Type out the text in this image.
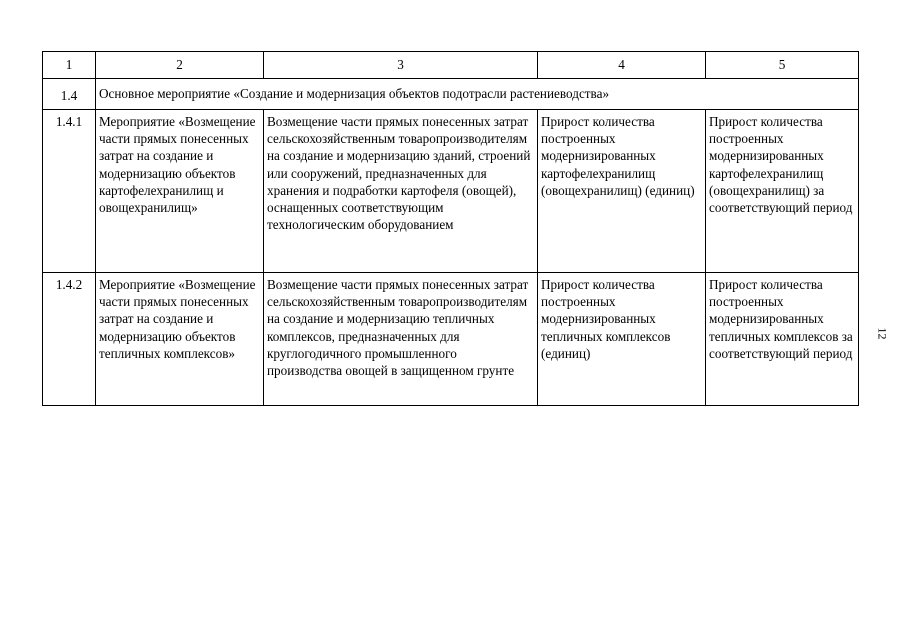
1	2	3	4	5
1.4	Основное мероприятие «Создание и модернизация объектов подотрасли растениеводства»			
1.4.1	Мероприятие «Возмещение части прямых понесенных затрат на создание и модернизацию объектов картофелехранилищ и овощехранилищ»	Возмещение части прямых понесенных затрат сельскохозяйственным товаропроизводителям на создание и модернизацию зданий, строений или сооружений, предназначенных для хранения и подработки картофеля (овощей), оснащенных соответствующим технологическим оборудованием	Прирост количества построенных модернизированных картофелехранилищ (овощехранилищ) (единиц)	Прирост количества построенных модернизированных картофелехранилищ (овощехранилищ) за соответствующий период
1.4.2	Мероприятие «Возмещение части прямых понесенных затрат на создание и модернизацию объектов тепличных комплексов»	Возмещение части прямых понесенных затрат сельскохозяйственным товаропроизводителям на создание и модернизацию тепличных комплексов, предназначенных для круглогодичного промышленного производства овощей в защищенном грунте	Прирост количества построенных модернизированных тепличных комплексов (единиц)	Прирост количества построенных модернизированных тепличных комплексов за соответствующий период
12
